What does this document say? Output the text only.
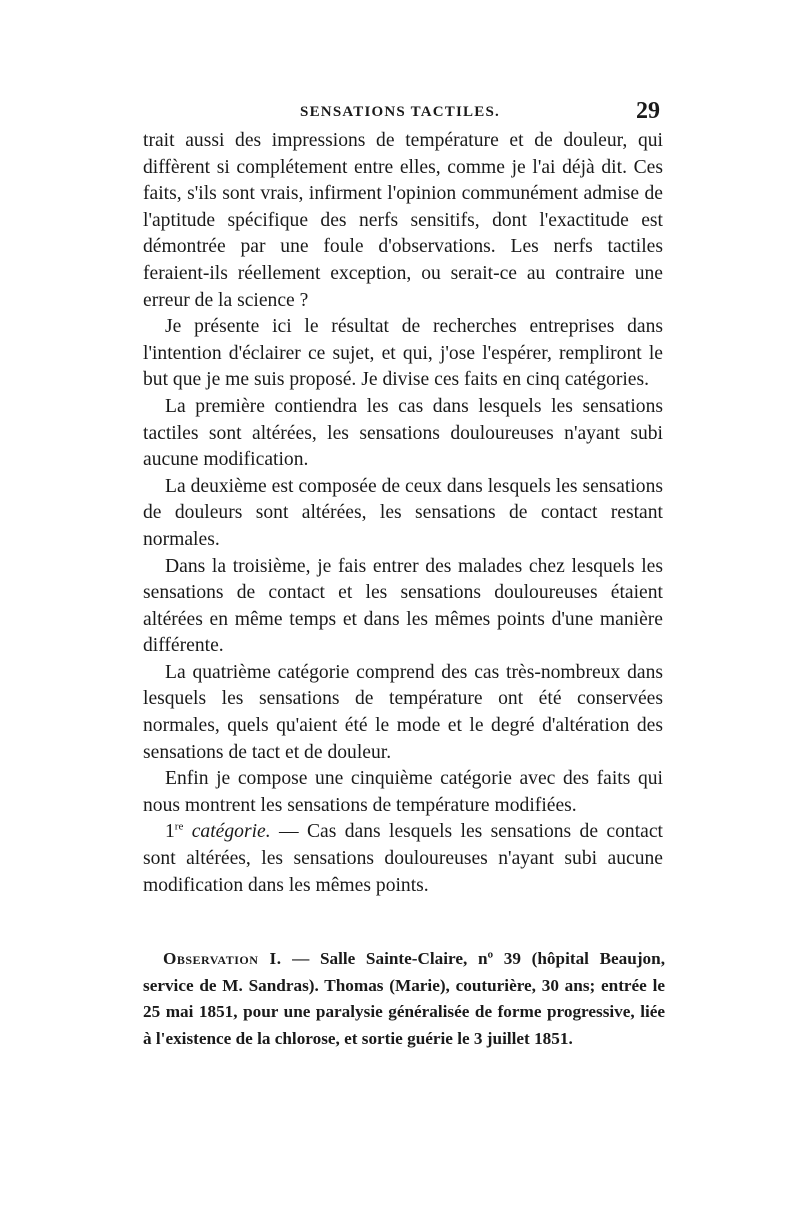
SENSATIONS TACTILES.	29

trait aussi des impressions de température et de douleur, qui diffèrent si complétement entre elles, comme je l'ai déjà dit. Ces faits, s'ils sont vrais, infirment l'opinion communément admise de l'aptitude spécifique des nerfs sensitifs, dont l'exactitude est démontrée par une foule d'observations. Les nerfs tactiles feraient-ils réellement exception, ou serait-ce au contraire une erreur de la science ?

Je présente ici le résultat de recherches entreprises dans l'intention d'éclairer ce sujet, et qui, j'ose l'espérer, rempliront le but que je me suis proposé. Je divise ces faits en cinq catégories.

La première contiendra les cas dans lesquels les sensations tactiles sont altérées, les sensations douloureuses n'ayant subi aucune modification.

La deuxième est composée de ceux dans lesquels les sensations de douleurs sont altérées, les sensations de contact restant normales.

Dans la troisième, je fais entrer des malades chez lesquels les sensations de contact et les sensations douloureuses étaient altérées en même temps et dans les mêmes points d'une manière différente.

La quatrième catégorie comprend des cas très-nombreux dans lesquels les sensations de température ont été conservées normales, quels qu'aient été le mode et le degré d'altération des sensations de tact et de douleur.

Enfin je compose une cinquième catégorie avec des faits qui nous montrent les sensations de température modifiées.

1re catégorie. — Cas dans lesquels les sensations de contact sont altérées, les sensations douloureuses n'ayant subi aucune modification dans les mêmes points.

Observation I. — Salle Sainte-Claire, nº 39 (hôpital Beaujon, service de M. Sandras). Thomas (Marie), couturière, 30 ans; entrée le 25 mai 1851, pour une paralysie généralisée de forme progressive, liée à l'existence de la chlorose, et sortie guérie le 3 juillet 1851.
